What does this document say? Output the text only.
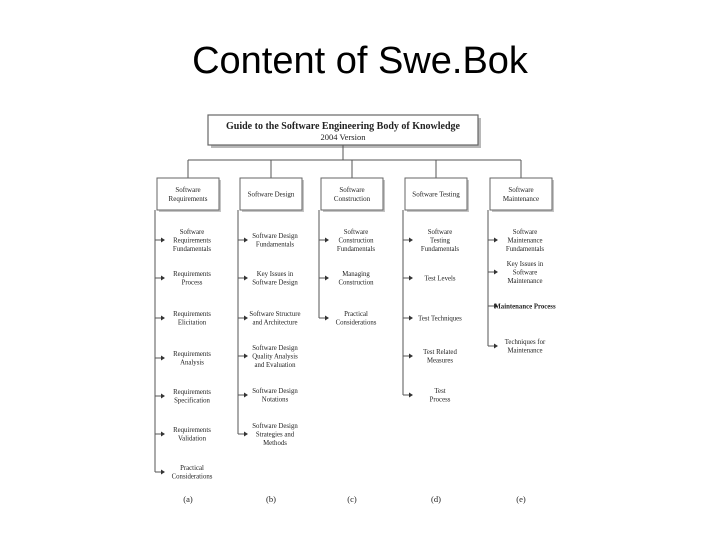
Content of Swe.Bok
Guide to the Software Engineering Body of Knowledge
2004 Version
Software
Requirements
Software
Requirements
Fundamentals
Requirements
Process
Requirements
Elicitation
Requirements
Analysis
Requirements
Specification
Requirements
Validation
Practical
Considerations
(a)
Software Design
Software Design
Fundamentals
Key Issues in
Software Design
Software Structure
and Architecture
Software Design
Quality Analysis
and Evaluation
Software Design
Notations
Software Design
Strategies and
Methods
(b)
Software
Construction
Software
Construction
Fundamentals
Managing
Construction
Practical
Considerations
(c)
Software Testing
Software
Testing
Fundamentals
Test Levels
Test Techniques
Test Related
Measures
Test
Process
(d)
Software
Maintenance
Software
Maintenance
Fundamentals
Key Issues in
Software
Maintenance
Maintenance Process
Techniques for
Maintenance
(e)
